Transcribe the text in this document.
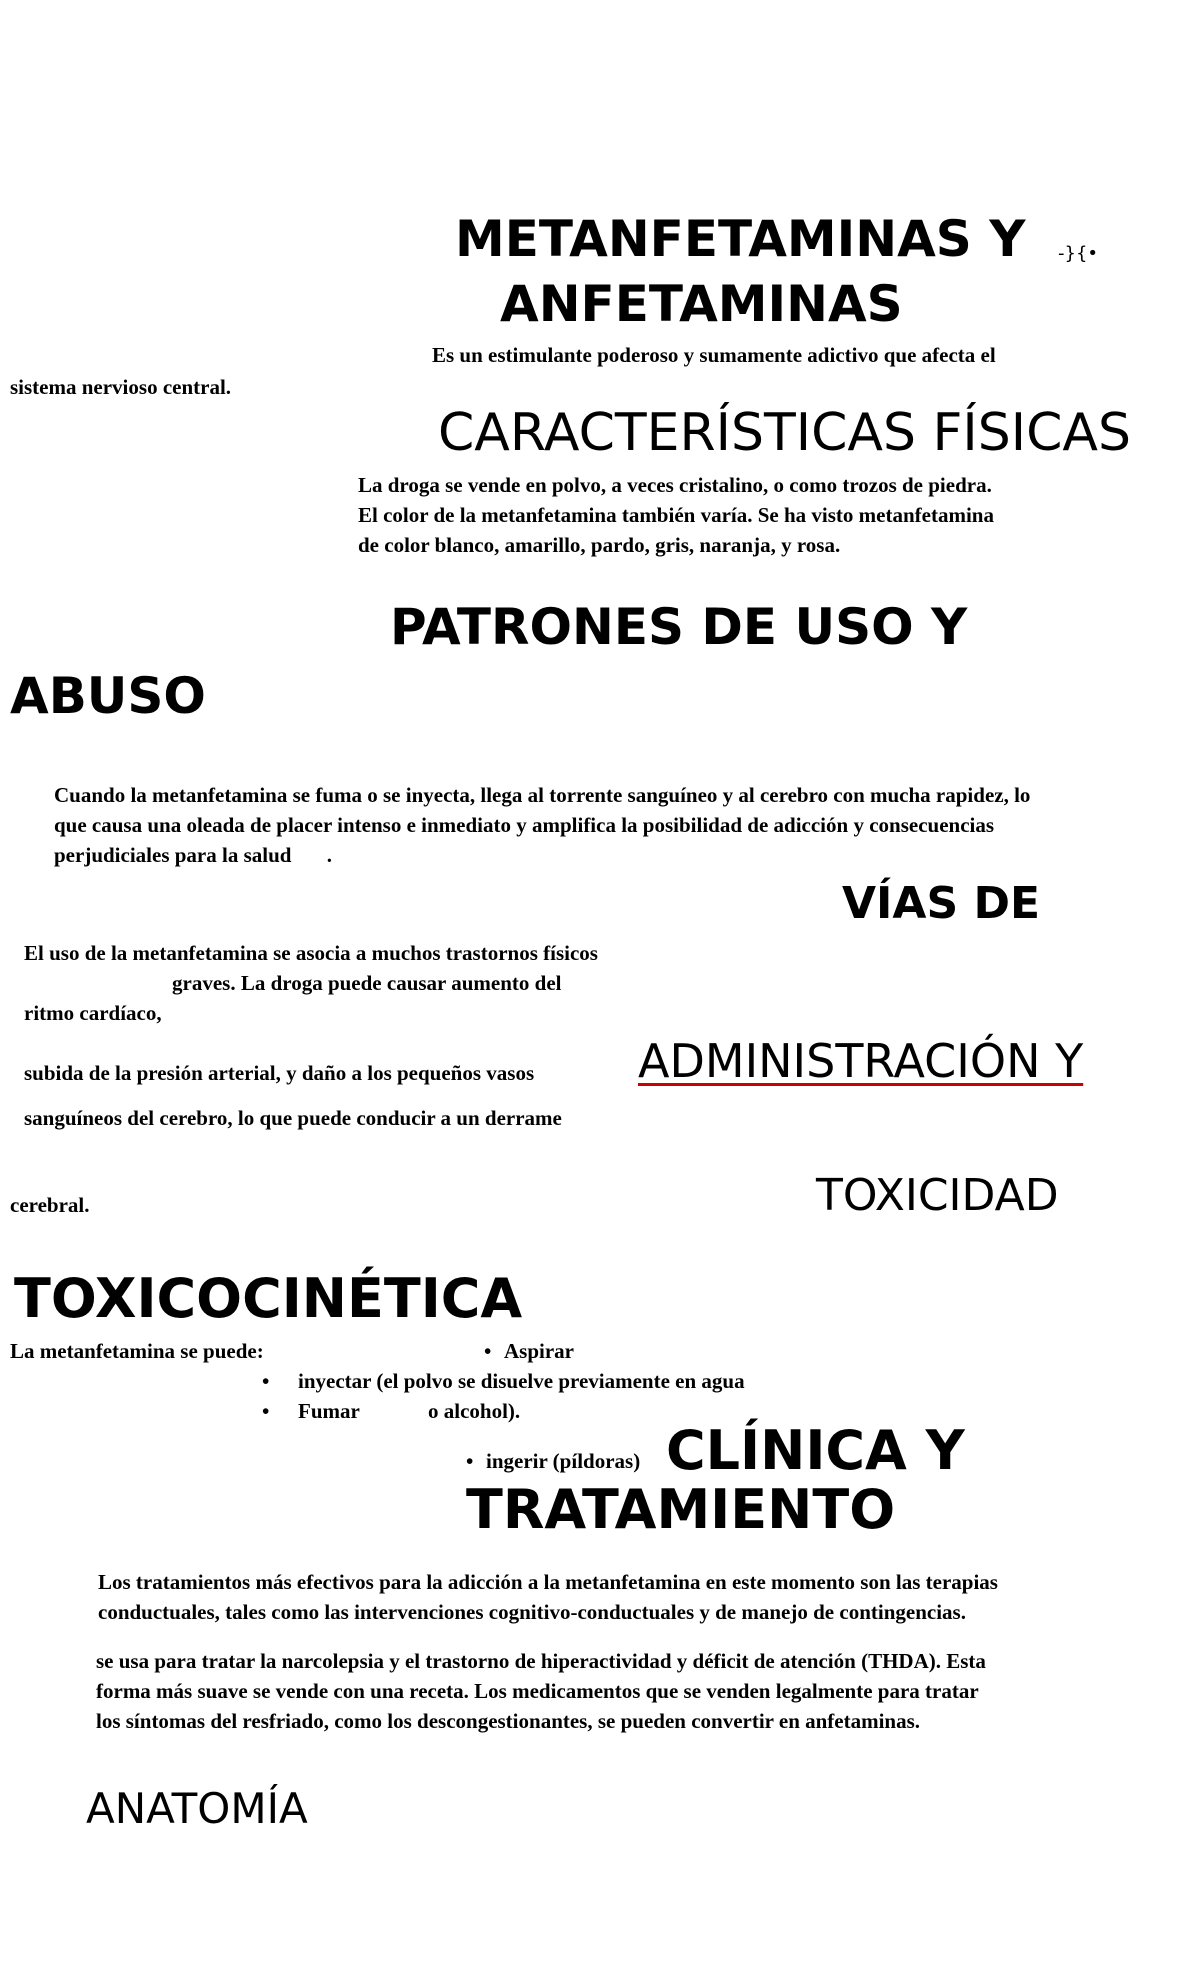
METANFETAMINAS Y
ANFETAMINAS
-}{•
Es un estimulante poderoso y sumamente adictivo que afecta el
sistema nervioso central.
CARACTERÍSTICAS FÍSICAS
La droga se vende en polvo, a veces cristalino, o como trozos de piedra.
El color de la metanfetamina también varía. Se ha visto metanfetamina
de color blanco, amarillo, pardo, gris, naranja, y rosa.
PATRONES DE USO Y
ABUSO
Cuando la metanfetamina se fuma o se inyecta, llega al torrente sanguíneo y al cerebro con mucha rapidez, lo
que causa una oleada de placer intenso e inmediato y amplifica la posibilidad de adicción y consecuencias
perjudiciales para la salud .
VÍAS DE
ADMINISTRACIÓN Y
TOXICIDAD
El uso de la metanfetamina se asocia a muchos trastornos físicos
graves. La droga puede causar aumento del
ritmo cardíaco,
subida de la presión arterial, y daño a los pequeños vasos
sanguíneos del cerebro, lo que puede conducir a un derrame
cerebral.
TOXICOCINÉTICA
La metanfetamina se puede:	• Aspirar
• inyectar (el polvo se disuelve previamente en agua
• Fumar	o alcohol).
• ingerir (píldoras) CLÍNICA Y
TRATAMIENTO
Los tratamientos más efectivos para la adicción a la metanfetamina en este momento son las terapias
conductuales, tales como las intervenciones cognitivo-conductuales y de manejo de contingencias.
se usa para tratar la narcolepsia y el trastorno de hiperactividad y déficit de atención (THDA). Esta
forma más suave se vende con una receta. Los medicamentos que se venden legalmente para tratar
los síntomas del resfriado, como los descongestionantes, se pueden convertir en anfetaminas.
ANATOMÍA
